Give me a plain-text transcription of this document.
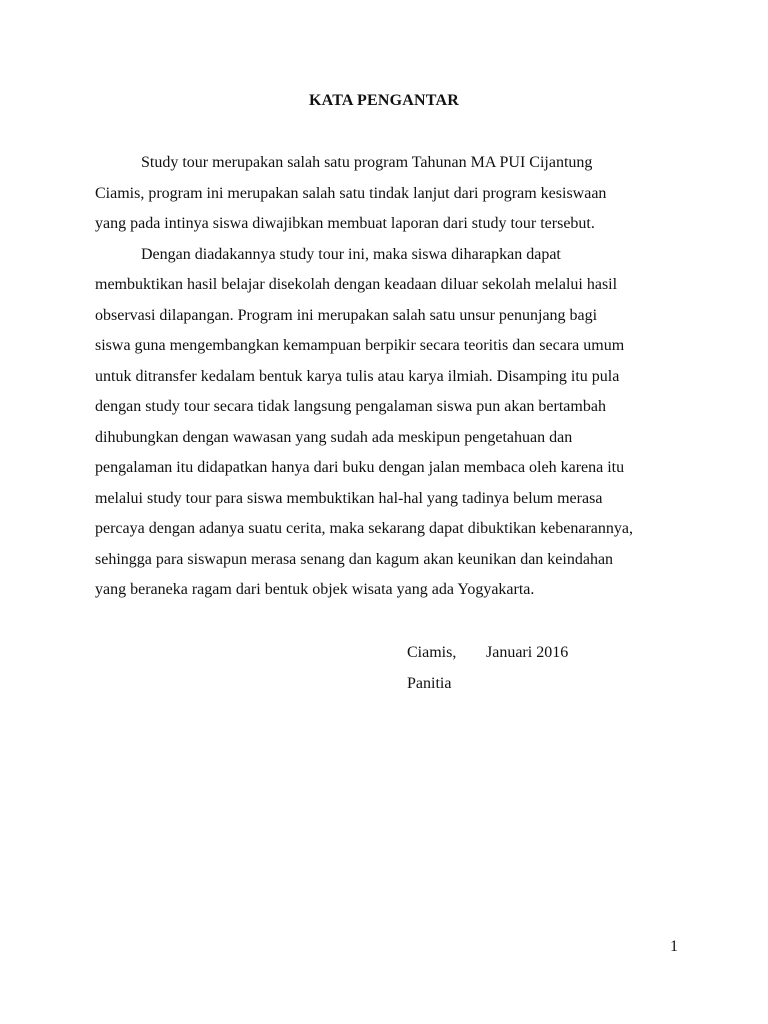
KATA PENGANTAR
Study tour merupakan salah satu program Tahunan MA PUI Cijantung
Ciamis, program ini merupakan salah satu tindak lanjut dari program kesiswaan
yang pada intinya siswa diwajibkan membuat laporan dari study tour tersebut.
Dengan diadakannya study tour ini, maka siswa diharapkan dapat
membuktikan hasil belajar disekolah dengan keadaan diluar sekolah melalui hasil
observasi dilapangan. Program ini merupakan salah satu unsur penunjang bagi
siswa guna mengembangkan kemampuan berpikir secara teoritis dan secara umum
untuk ditransfer kedalam bentuk karya tulis atau karya ilmiah. Disamping itu pula
dengan study tour secara tidak langsung pengalaman siswa pun akan bertambah
dihubungkan dengan wawasan yang sudah ada meskipun pengetahuan dan
pengalaman itu didapatkan hanya dari buku dengan jalan membaca oleh karena itu
melalui study tour para siswa membuktikan hal-hal yang tadinya belum merasa
percaya dengan adanya suatu cerita, maka sekarang dapat dibuktikan kebenarannya,
sehingga para siswapun merasa senang dan kagum akan keunikan dan keindahan
yang beraneka ragam dari bentuk objek wisata yang ada Yogyakarta.
Ciamis, Januari 2016
Panitia
1
